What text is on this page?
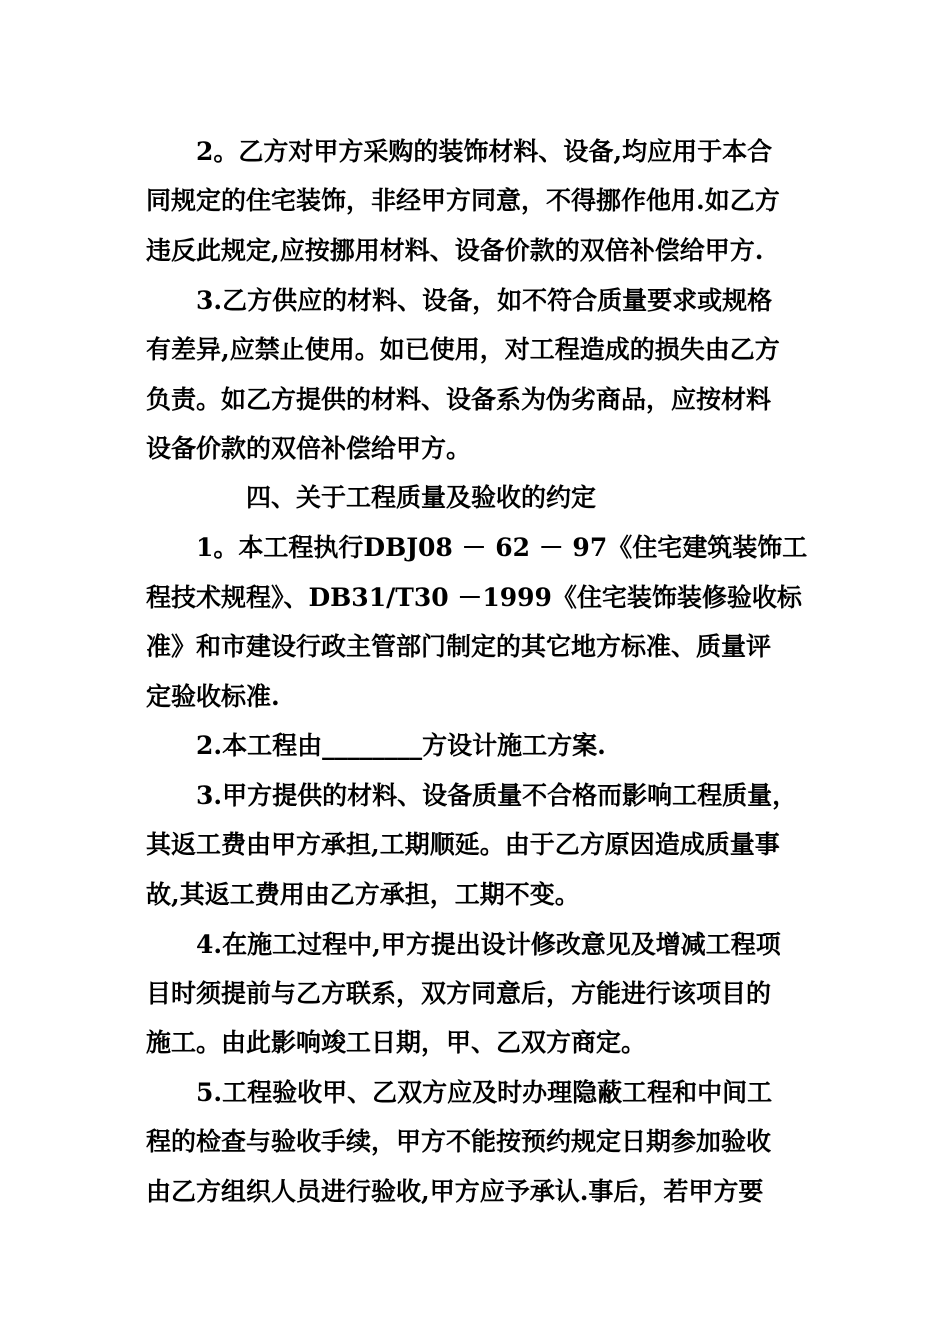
2。乙方对甲方采购的装饰材料、设备,均应用于本合
同规定的住宅装饰，非经甲方同意，不得挪作他用.如乙方
违反此规定,应按挪用材料、设备价款的双倍补偿给甲方.
3.乙方供应的材料、设备，如不符合质量要求或规格
有差异,应禁止使用。如已使用，对工程造成的损失由乙方
负责。如乙方提供的材料、设备系为伪劣商品，应按材料
设备价款的双倍补偿给甲方。
四、关于工程质量及验收的约定
1。本工程执行DBJ08 － 62 － 97《住宅建筑装饰工
程技术规程》、DB31/T30 －1999《住宅装饰装修验收标
准》和市建设行政主管部门制定的其它地方标准、质量评
定验收标准.
2.本工程由________方设计施工方案.
3.甲方提供的材料、设备质量不合格而影响工程质量，
其返工费由甲方承担,工期顺延。由于乙方原因造成质量事
故,其返工费用由乙方承担，工期不变。
4.在施工过程中,甲方提出设计修改意见及增减工程项
目时须提前与乙方联系，双方同意后，方能进行该项目的
施工。由此影响竣工日期，甲、乙双方商定。
5.工程验收甲、乙双方应及时办理隐蔽工程和中间工
程的检查与验收手续，甲方不能按预约规定日期参加验收
由乙方组织人员进行验收,甲方应予承认.事后，若甲方要
